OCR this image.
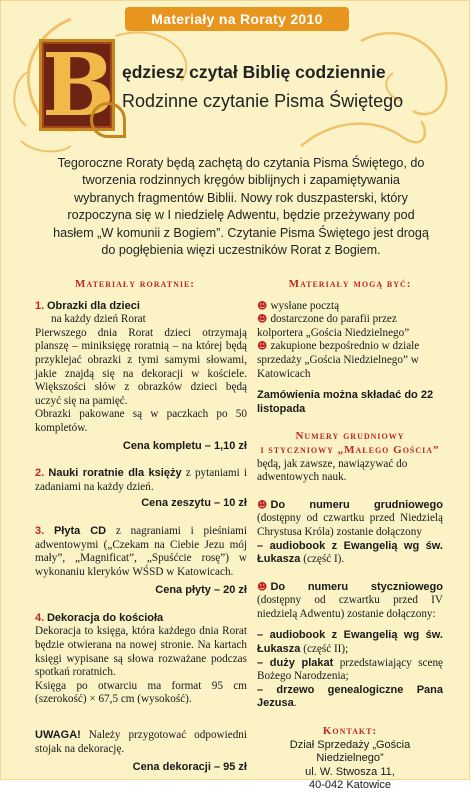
Materiały na Roraty 2010
B ędziesz czytał Biblię codziennie
Rodzinne czytanie Pisma Świętego

Tegoroczne Roraty będą zachętą do czytania Pisma Świętego, do tworzenia rodzinnych kręgów biblijnych i zapamiętywania wybranych fragmentów Biblii. Nowy rok duszpasterski, który rozpoczyna się w I niedzielę Adwentu, będzie przeżywany pod hasłem „W komunii z Bogiem”. Czytanie Pisma Świętego jest drogą do pogłębienia więzi uczestników Rorat z Bogiem.

Materiały roratnie:
1. Obrazki dla dzieci
na każdy dzień Rorat
Pierwszego dnia Rorat dzieci otrzymają planszę – miniksięgę roratnią – na której będą przyklejać obrazki z tymi samymi słowami, jakie znajdą się na dekoracji w kościele. Większości słów z obrazków dzieci będą uczyć się na pamięć.
Obrazki pakowane są w paczkach po 50 kompletów.
Cena kompletu – 1,10 zł
2. Nauki roratnie dla księży z pytaniami i zadaniami na każdy dzień.
Cena zeszytu – 10 zł
3. Płyta CD z nagraniami i pieśniami adwentowymi („Czekam na Ciebie Jezu mój mały”, „Magnificat”, „Spuśćcie rosę”) w wykonaniu kleryków WŚSD w Katowicach.
Cena płyty – 20 zł
4. Dekoracja do kościoła
Dekoracja to księga, która każdego dnia Rorat będzie otwierana na nowej stronie. Na kartach księgi wypisane są słowa rozważane podczas spotkań roratnich.
Księga po otwarciu ma format 95 cm (szerokość) × 67,5 cm (wysokość).
UWAGA! Należy przygotować odpowiedni stojak na dekorację.
Cena dekoracji – 95 zł
Materiały mogą być:
☻ wysłane pocztą
☻ dostarczone do parafii przez kolportera „Gościa Niedzielnego”
☻ zakupione bezpośrednio w dziale sprzedaży „Gościa Niedzielnego” w Katowicach
Zamówienia można składać do 22 listopada
Numery grudniowy
i styczniowy „Małego Gościa”
będą, jak zawsze, nawiązywać do adwentowych nauk.
☻ Do numeru grudniowego (dostępny od czwartku przed Niedzielą Chrystusa Króla) zostanie dołączony
– audiobook z Ewangelią wg św. Łukasza (część I).
☻ Do numeru styczniowego (dostępny od czwartku przed IV niedzielą Adwentu) zostanie dołączony:
– audiobook z Ewangelią wg św. Łukasza (część II);
– duży plakat przedstawiający scenę Bożego Narodzenia;
– drzewo genealogiczne Pana Jezusa.
Kontakt:
Dział Sprzedaży „Gościa Niedzielnego”
ul. W. Stwosza 11,
40-042 Katowice
